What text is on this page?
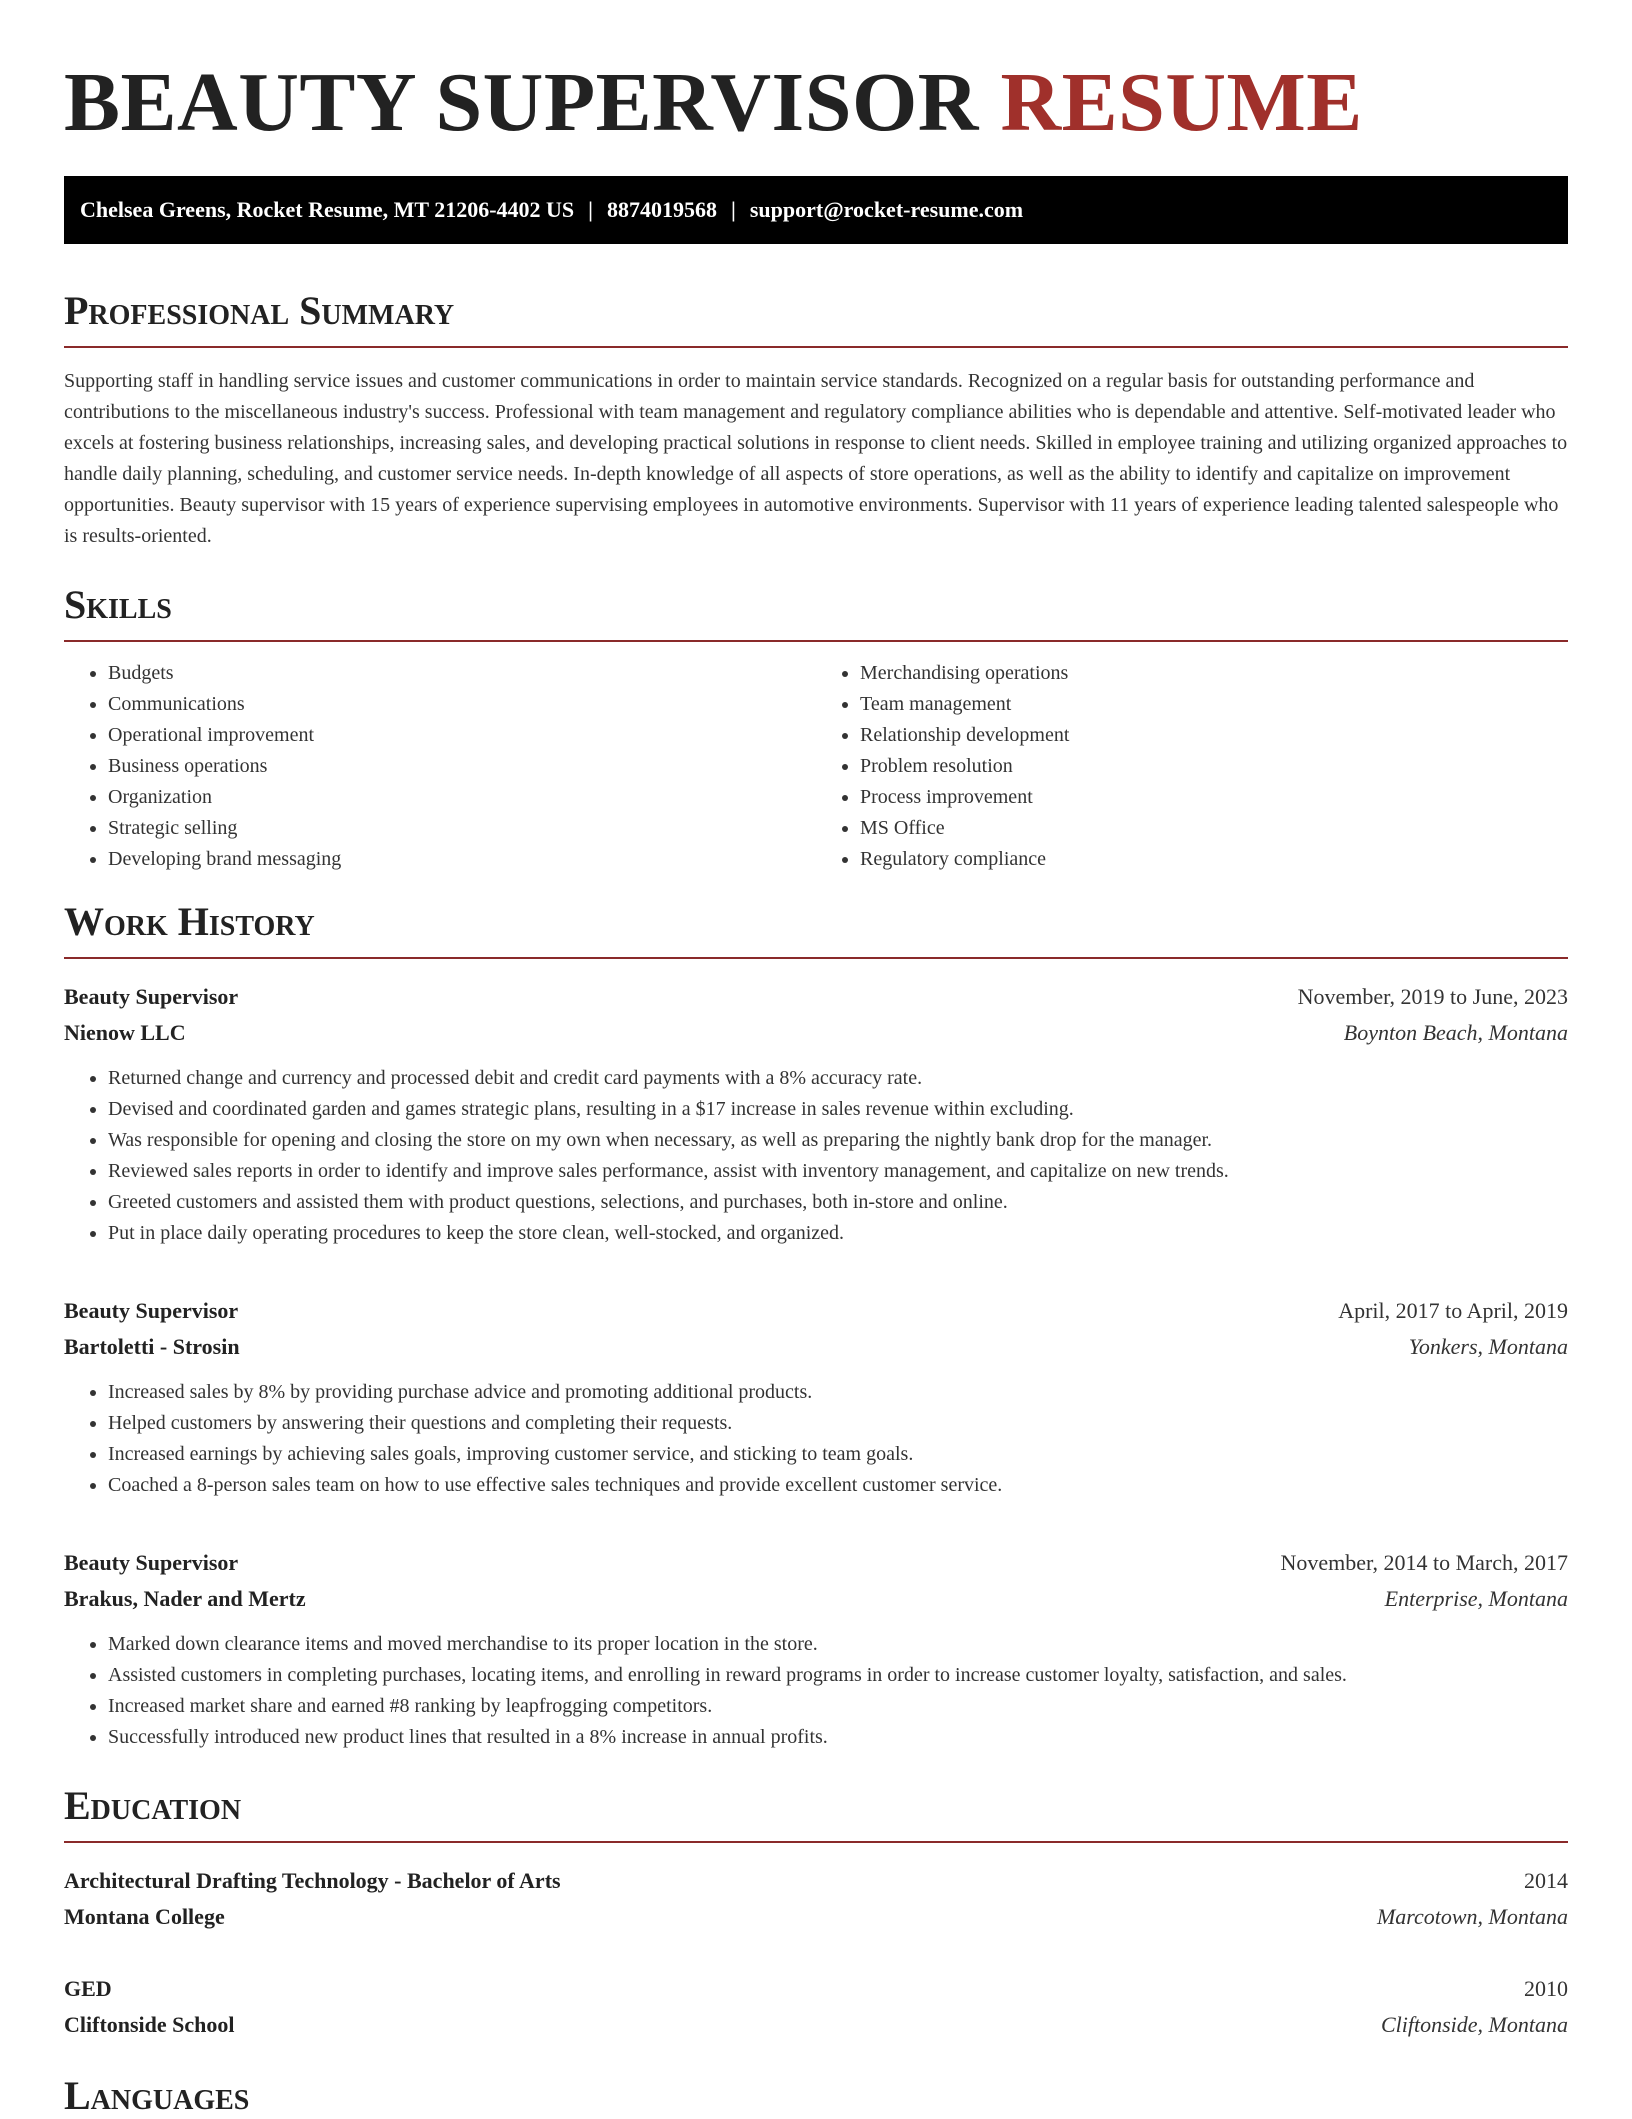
BEAUTY SUPERVISOR RESUME
Chelsea Greens, Rocket Resume, MT 21206-4402 US | 8874019568 | support@rocket-resume.com
Professional Summary

Supporting staff in handling service issues and customer communications in order to maintain service standards. Recognized on a regular basis for outstanding performance and contributions to the miscellaneous industry's success. Professional with team management and regulatory compliance abilities who is dependable and attentive. Self-motivated leader who excels at fostering business relationships, increasing sales, and developing practical solutions in response to client needs. Skilled in employee training and utilizing organized approaches to handle daily planning, scheduling, and customer service needs. In-depth knowledge of all aspects of store operations, as well as the ability to identify and capitalize on improvement opportunities. Beauty supervisor with 15 years of experience supervising employees in automotive environments. Supervisor with 11 years of experience leading talented salespeople who is results-oriented.

Skills
• Budgets
• Communications
• Operational improvement
• Business operations
• Organization
• Strategic selling
• Developing brand messaging
• Merchandising operations
• Team management
• Relationship development
• Problem resolution
• Process improvement
• MS Office
• Regulatory compliance
Work History
Beauty Supervisor	November, 2019 to June, 2023
Nienow LLC	Boynton Beach, Montana
• Returned change and currency and processed debit and credit card payments with a 8% accuracy rate.
• Devised and coordinated garden and games strategic plans, resulting in a $17 increase in sales revenue within excluding.
• Was responsible for opening and closing the store on my own when necessary, as well as preparing the nightly bank drop for the manager.
• Reviewed sales reports in order to identify and improve sales performance, assist with inventory management, and capitalize on new trends.
• Greeted customers and assisted them with product questions, selections, and purchases, both in-store and online.
• Put in place daily operating procedures to keep the store clean, well-stocked, and organized.
Beauty Supervisor	April, 2017 to April, 2019
Bartoletti - Strosin	Yonkers, Montana
• Increased sales by 8% by providing purchase advice and promoting additional products.
• Helped customers by answering their questions and completing their requests.
• Increased earnings by achieving sales goals, improving customer service, and sticking to team goals.
• Coached a 8-person sales team on how to use effective sales techniques and provide excellent customer service.
Beauty Supervisor	November, 2014 to March, 2017
Brakus, Nader and Mertz	Enterprise, Montana
• Marked down clearance items and moved merchandise to its proper location in the store.
• Assisted customers in completing purchases, locating items, and enrolling in reward programs in order to increase customer loyalty, satisfaction, and sales.
• Increased market share and earned #8 ranking by leapfrogging competitors.
• Successfully introduced new product lines that resulted in a 8% increase in annual profits.
Education
Architectural Drafting Technology - Bachelor of Arts	2014
Montana College	Marcotown, Montana
GED	2010
Cliftonside School	Cliftonside, Montana
Languages
